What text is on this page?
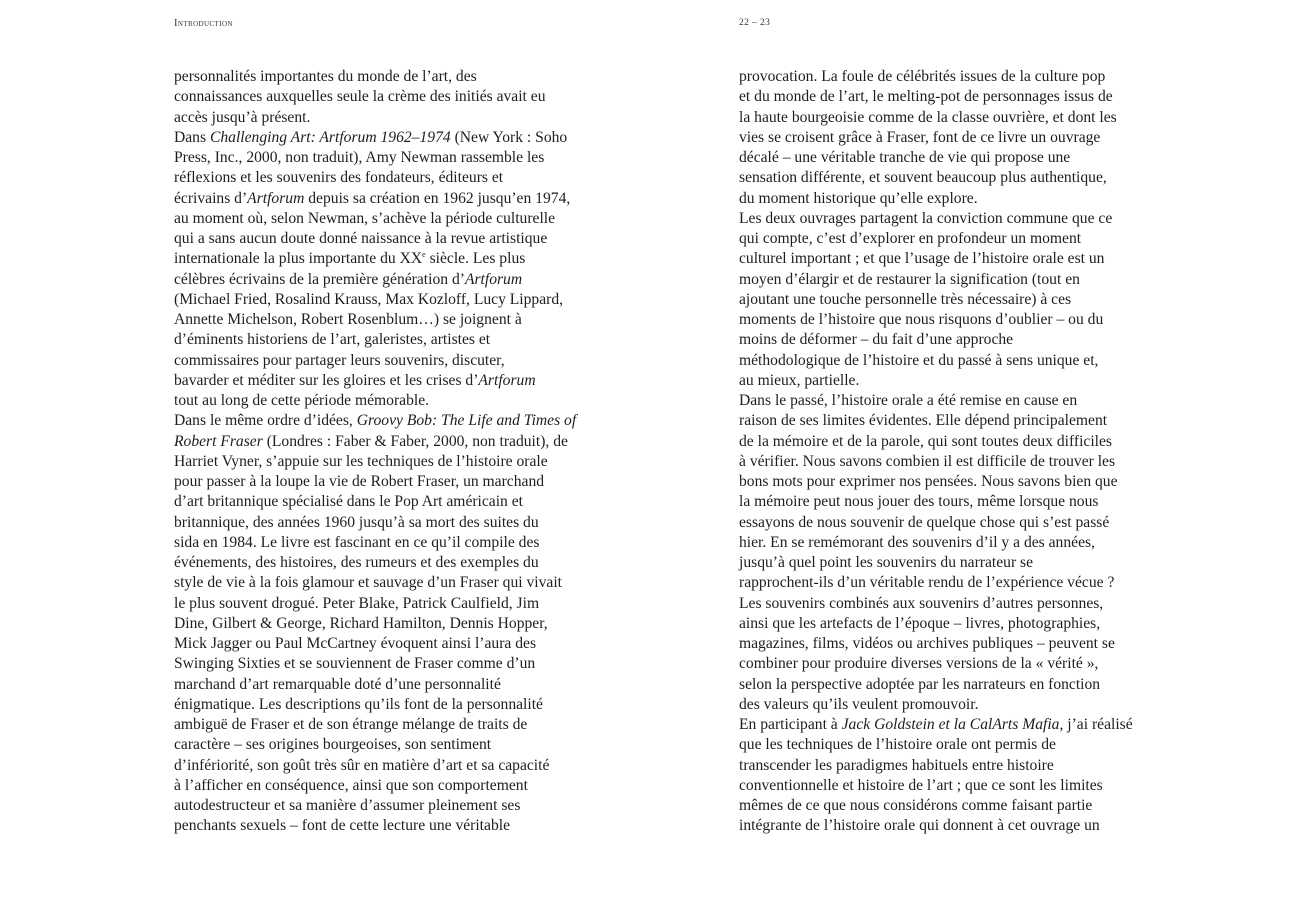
Introduction	22 – 23
personnalités importantes du monde de l’art, des
connaissances auxquelles seule la crème des initiés avait eu
accès jusqu’à présent.
Dans Challenging Art: Artforum 1962–1974 (New York : Soho
Press, Inc., 2000, non traduit), Amy Newman rassemble les
réflexions et les souvenirs des fondateurs, éditeurs et
écrivains d’Artforum depuis sa création en 1962 jusqu’en 1974,
au moment où, selon Newman, s’achève la période culturelle
qui a sans aucun doute donné naissance à la revue artistique
internationale la plus importante du XXe siècle. Les plus
célèbres écrivains de la première génération d’Artforum
(Michael Fried, Rosalind Krauss, Max Kozloff, Lucy Lippard,
Annette Michelson, Robert Rosenblum…) se joignent à
d’éminents historiens de l’art, galeristes, artistes et
commissaires pour partager leurs souvenirs, discuter,
bavarder et méditer sur les gloires et les crises d’Artforum
tout au long de cette période mémorable.
Dans le même ordre d’idées, Groovy Bob: The Life and Times of
Robert Fraser (Londres : Faber & Faber, 2000, non traduit), de
Harriet Vyner, s’appuie sur les techniques de l’histoire orale
pour passer à la loupe la vie de Robert Fraser, un marchand
d’art britannique spécialisé dans le Pop Art américain et
britannique, des années 1960 jusqu’à sa mort des suites du
sida en 1984. Le livre est fascinant en ce qu’il compile des
événements, des histoires, des rumeurs et des exemples du
style de vie à la fois glamour et sauvage d’un Fraser qui vivait
le plus souvent drogué. Peter Blake, Patrick Caulfield, Jim
Dine, Gilbert & George, Richard Hamilton, Dennis Hopper,
Mick Jagger ou Paul McCartney évoquent ainsi l’aura des
Swinging Sixties et se souviennent de Fraser comme d’un
marchand d’art remarquable doté d’une personnalité
énigmatique. Les descriptions qu’ils font de la personnalité
ambiguë de Fraser et de son étrange mélange de traits de
caractère – ses origines bourgeoises, son sentiment
d’infériorité, son goût très sûr en matière d’art et sa capacité
à l’afficher en conséquence, ainsi que son comportement
autodestructeur et sa manière d’assumer pleinement ses
penchants sexuels – font de cette lecture une véritable
provocation. La foule de célébrités issues de la culture pop
et du monde de l’art, le melting-pot de personnages issus de
la haute bourgeoisie comme de la classe ouvrière, et dont les
vies se croisent grâce à Fraser, font de ce livre un ouvrage
décalé – une véritable tranche de vie qui propose une
sensation différente, et souvent beaucoup plus authentique,
du moment historique qu’elle explore.
Les deux ouvrages partagent la conviction commune que ce
qui compte, c’est d’explorer en profondeur un moment
culturel important ; et que l’usage de l’histoire orale est un
moyen d’élargir et de restaurer la signification (tout en
ajoutant une touche personnelle très nécessaire) à ces
moments de l’histoire que nous risquons d’oublier – ou du
moins de déformer – du fait d’une approche
méthodologique de l’histoire et du passé à sens unique et,
au mieux, partielle.
Dans le passé, l’histoire orale a été remise en cause en
raison de ses limites évidentes. Elle dépend principalement
de la mémoire et de la parole, qui sont toutes deux difficiles
à vérifier. Nous savons combien il est difficile de trouver les
bons mots pour exprimer nos pensées. Nous savons bien que
la mémoire peut nous jouer des tours, même lorsque nous
essayons de nous souvenir de quelque chose qui s’est passé
hier. En se remémorant des souvenirs d’il y a des années,
jusqu’à quel point les souvenirs du narrateur se
rapprochent-ils d’un véritable rendu de l’expérience vécue ?
Les souvenirs combinés aux souvenirs d’autres personnes,
ainsi que les artefacts de l’époque – livres, photographies,
magazines, films, vidéos ou archives publiques – peuvent se
combiner pour produire diverses versions de la « vérité »,
selon la perspective adoptée par les narrateurs en fonction
des valeurs qu’ils veulent promouvoir.
En participant à Jack Goldstein et la CalArts Mafia, j’ai réalisé
que les techniques de l’histoire orale ont permis de
transcender les paradigmes habituels entre histoire
conventionnelle et histoire de l’art ; que ce sont les limites
mêmes de ce que nous considérons comme faisant partie
intégrante de l’histoire orale qui donnent à cet ouvrage un
